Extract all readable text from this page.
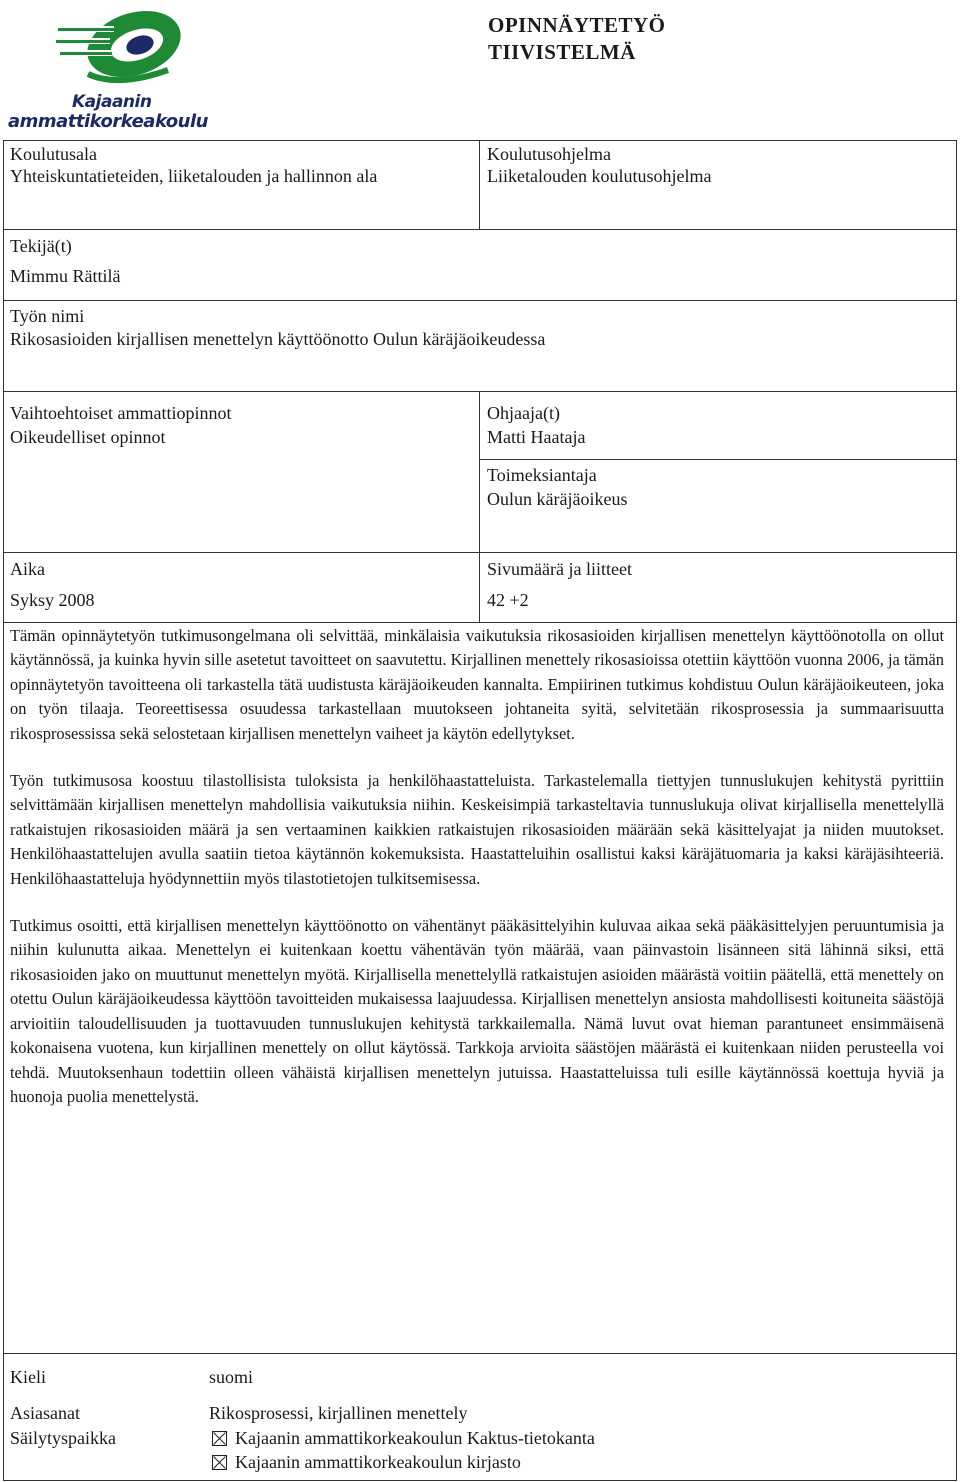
Kajaanin
ammattikorkeakoulu
OPINNÄYTETYÖ
TIIVISTELMÄ
Koulutusala
Yhteiskuntatieteiden, liiketalouden ja hallinnon ala
Koulutusohjelma
Liiketalouden koulutusohjelma
Tekijä(t)
Mimmu Rättilä
Työn nimi
Rikosasioiden kirjallisen menettelyn käyttöönotto Oulun käräjäoikeudessa
Vaihtoehtoiset ammattiopinnot
Oikeudelliset opinnot
Ohjaaja(t)
Matti Haataja
Toimeksiantaja
Oulun käräjäoikeus
Aika
Syksy 2008
Sivumäärä ja liitteet
42 +2

Tämän opinnäytetyön tutkimusongelmana oli selvittää, minkälaisia vaikutuksia rikosasioiden kirjallisen menettelyn käyttöönotolla on ollut käytännössä, ja kuinka hyvin sille asetetut tavoitteet on saavutettu. Kirjallinen menettely rikosasioissa otettiin käyttöön vuonna 2006, ja tämän opinnäytetyön tavoitteena oli tarkastella tätä uudistusta käräjäoikeuden kannalta. Empiirinen tutkimus kohdistuu Oulun käräjäoikeuteen, joka on työn tilaaja. Teoreettisessa osuudessa tarkastellaan muutokseen johtaneita syitä, selvitetään rikosprosessia ja summaarisuutta rikosprosessissa sekä selostetaan kirjallisen menettelyn vaiheet ja käytön edellytykset.

Työn tutkimusosa koostuu tilastollisista tuloksista ja henkilöhaastatteluista. Tarkastelemalla tiettyjen tunnuslukujen kehitystä pyrittiin selvittämään kirjallisen menettelyn mahdollisia vaikutuksia niihin. Keskeisimpiä tarkasteltavia tunnuslukuja olivat kirjallisella menettelyllä ratkaistujen rikosasioiden määrä ja sen vertaaminen kaikkien ratkaistujen rikosasioiden määrään sekä käsittelyajat ja niiden muutokset. Henkilöhaastattelujen avulla saatiin tietoa käytännön kokemuksista. Haastatteluihin osallistui kaksi käräjätuomaria ja kaksi käräjäsihteeriä. Henkilöhaastatteluja hyödynnettiin myös tilastotietojen tulkitsemisessa.

Tutkimus osoitti, että kirjallisen menettelyn käyttöönotto on vähentänyt pääkäsittelyihin kuluvaa aikaa sekä pääkäsittelyjen peruuntumisia ja niihin kulunutta aikaa. Menettelyn ei kuitenkaan koettu vähentävän työn määrää, vaan päinvastoin lisänneen sitä lähinnä siksi, että rikosasioiden jako on muuttunut menettelyn myötä. Kirjallisella menettelyllä ratkaistujen asioiden määrästä voitiin päätellä, että menettely on otettu Oulun käräjäoikeudessa käyttöön tavoitteiden mukaisessa laajuudessa. Kirjallisen menettelyn ansiosta mahdollisesti koituneita säästöjä arvioitiin taloudellisuuden ja tuottavuuden tunnuslukujen kehitystä tarkkailemalla. Nämä luvut ovat hieman parantuneet ensimmäisenä kokonaisena vuotena, kun kirjallinen menettely on ollut käytössä. Tarkkoja arvioita säästöjen määrästä ei kuitenkaan niiden perusteella voi tehdä. Muutoksenhaun todettiin olleen vähäistä kirjallisen menettelyn jutuissa. Haastatteluissa tuli esille käytännössä koettuja hyviä ja huonoja puolia menettelystä.

Kieli	suomi
Asiasanat	Rikosprosessi, kirjallinen menettely
Säilytyspaikka	Kajaanin ammattikorkeakoulun Kaktus-tietokanta
Kajaanin ammattikorkeakoulun kirjasto
